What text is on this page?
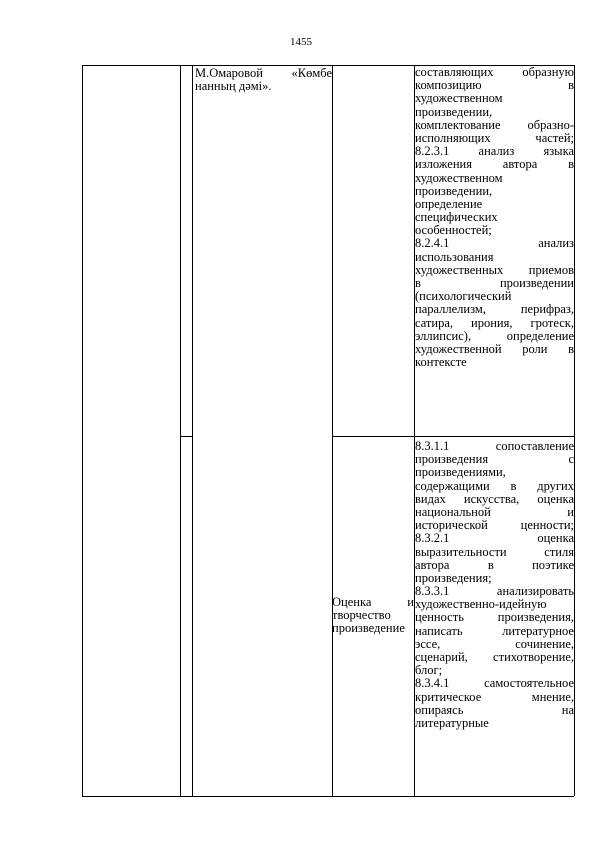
1455
М.Омаровой «Көмбе
нанның дәмі».
составляющих образную
композицию в
художественном
произведении,
комплектование образно-
исполняющих частей;
8.2.3.1 анализ языка
изложения автора в
художественном
произведении,
определение
специфических
особенностей;
8.2.4.1 анализ
использования
художественных приемов
в произведении
(психологический
параллелизм, перифраз,
сатира, ирония, гротеск,
эллипсис), определение
художественной роли в
контексте
Оценка и
творчество
произведение
8.3.1.1 сопоставление
произведения с
произведениями,
содержащими в других
видах искусства, оценка
национальной и
исторической ценности;
8.3.2.1 оценка
выразительности стиля
автора в поэтике
произведения;
8.3.3.1 анализировать
художественно-идейную
ценность произведения,
написать литературное
эссе, сочинение,
сценарий, стихотворение,
блог;
8.3.4.1 самостоятельное
критическое мнение,
опираясь на
литературные
